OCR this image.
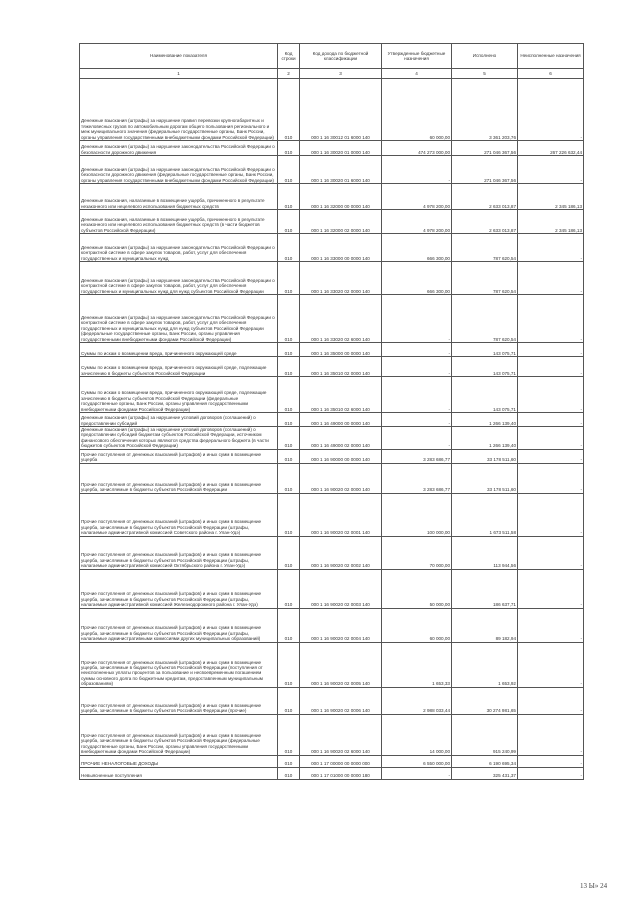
Наименование показателя	Код строки	Код дохода по бюджетной классификации	Утвержденные бюджетные назначения	Исполнено	Неисполненные назначения
1	2	3	4	5	6
Денежные взыскания (штрафы) за нарушение правил перевозки крупногабаритных и тяжеловесных грузов по автомобильным дорогам общего пользования регионального и меж муниципального значения (федеральные государственные органы, Банк России, органы управления государственными внебюджетными фондами Российской Федерации)	010	000 1 16 30012 01 6000 140	60 000,00	3 361 203,76	-
Денежные взыскания (штрафы) за нарушение законодательства Российской Федерации о безопасности дорожного движения	010	000 1 16 30020 01 0000 140	474 273 000,00	271 046 367,56	267 226 632,44
Денежные взыскания (штрафы) за нарушение законодательства Российской Федерации о безопасности дорожного движения (федеральные государственные органы, Банк России, органы управления государственными внебюджетными фондами Российской Федерации)	010	000 1 16 30020 01 6000 140	-	271 046 367,56	-
Денежные взыскания, налагаемые в возмещение ущерба, причиненного в результате незаконного или нецелевого использования бюджетных средств	010	000 1 16 32000 00 0000 140	4 978 200,00	2 633 013,87	2 345 186,13
Денежные взыскания, налагаемые в возмещение ущерба, причиненного в результате незаконного или нецелевого использования бюджетных средств (в части бюджетов субъектов Российской Федерации)	010	000 1 16 32000 02 0000 140	4 978 200,00	2 633 013,87	2 345 186,13
Денежные взыскания (штрафы) за нарушение законодательства Российской Федерации о контрактной системе в сфере закупок товаров, работ, услуг для обеспечения государственных и муниципальных нужд	010	000 1 16 33000 00 0000 140	666 300,00	787 620,54	-
Денежные взыскания (штрафы) за нарушение законодательства Российской Федерации о контрактной системе в сфере закупок товаров, работ, услуг для обеспечения государственных и муниципальных нужд для нужд субъектов Российской Федерации	010	000 1 16 33020 02 0000 140	666 300,00	787 620,54	-
Денежные взыскания (штрафы) за нарушение законодательства Российской Федерации о контрактной системе в сфере закупок товаров, работ, услуг для обеспечения государственных и муниципальных нужд для нужд субъектов Российской Федерации (федеральные государственные органы, Банк России, органы управления государственными внебюджетными фондами Российской Федерации)	010	000 1 16 33020 02 6000 140	-	787 620,54	-
Суммы по искам о возмещении вреда, причиненного окружающей среде	010	000 1 16 35000 00 0000 140	-	143 075,71	-
Суммы по искам о возмещении вреда, причиненного окружающей среде, подлежащие зачислению в бюджеты субъектов Российской Федерации	010	000 1 16 35010 02 0000 140	-	143 075,71	-
Суммы по искам о возмещении вреда, причиненного окружающей среде, подлежащие зачислению в бюджеты субъектов Российской Федерации (федеральные государственные органы, Банк России, органы управления государственными внебюджетными фондами Российской Федерации)	010	000 1 16 35010 02 6000 140	-	143 075,71	-
Денежные взыскания (штрафы) за нарушение условий договоров (соглашений) о предоставлении субсидий	010	000 1 16 49000 00 0000 140	-	1 266 139,40	-
Денежные взыскания (штрафы) за нарушение условий договоров (соглашений) о предоставлении субсидий бюджетам субъектов Российской Федерации, источником финансового обеспечения которых являются средства федерального бюджета (в части бюджетов субъектов Российской Федерации)	010	000 1 16 49000 02 0000 140	-	1 266 139,40	-
Прочие поступления от денежных взысканий (штрафов) и иных сумм в возмещение ущерба	010	000 1 16 90000 00 0000 140	3 283 686,77	33 178 511,60	-
Прочие поступления от денежных взысканий (штрафов) и иных сумм в возмещение ущерба, зачисляемые в бюджеты субъектов Российской Федерации	010	000 1 16 90020 02 0000 140	3 283 686,77	33 178 511,60	-
Прочие поступления от денежных взысканий (штрафов) и иных сумм в возмещение ущерба, зачисляемые в бюджеты субъектов Российской Федерации (штрафы, налагаемые административной комиссией Советского района г. Улан-Удэ)	010	000 1 16 90020 02 0001 140	100 000,00	1 673 511,58	-
Прочие поступления от денежных взысканий (штрафов) и иных сумм в возмещение ущерба, зачисляемые в бюджеты субъектов Российской Федерации (штрафы, налагаемые административной комиссией Октябрьского района г. Улан-Удэ)	010	000 1 16 90020 02 0002 140	70 000,00	113 944,56	-
Прочие поступления от денежных взысканий (штрафов) и иных сумм в возмещение ущерба, зачисляемые в бюджеты субъектов Российской Федерации (штрафы, налагаемые административной комиссией Железнодорожного района г. Улан-Удэ)	010	000 1 16 90020 02 0003 140	50 000,00	186 637,71	-
Прочие поступления от денежных взысканий (штрафов) и иных сумм в возмещение ущерба, зачисляемые в бюджеты субъектов Российской Федерации (штрафы, налагаемые административными комиссиями других муниципальных образований)	010	000 1 16 90020 02 0004 140	60 000,00	89 182,94	-
Прочие поступления от денежных взысканий (штрафов) и иных сумм в возмещение ущерба, зачисляемые в бюджеты субъектов Российской Федерации (поступления от неисполненных уплаты процентов за пользование и несвоевременным погашением суммы основного долга по бюджетным кредитам, предоставленным муниципальным образованиям)	010	000 1 16 90020 02 0005 140	1 653,33	1 653,92	-
Прочие поступления от денежных взысканий (штрафов) и иных сумм в возмещение ущерба, зачисляемые в бюджеты субъектов Российской Федерации (прочие)	010	000 1 16 90020 02 0006 140	2 988 033,44	30 274 981,65	-
Прочие поступления от денежных взысканий (штрафов) и иных сумм в возмещение ущерба, зачисляемые в бюджеты субъектов Российской Федерации (федеральные государственные органы, Банк России, органы управления государственными внебюджетными фондами Российской Федерации)	010	000 1 16 90020 02 6000 140	14 000,00	915 240,99	-
ПРОЧИЕ НЕНАЛОГОВЫЕ ДОХОДЫ	010	000 1 17 00000 00 0000 000	6 550 000,00	6 190 695,34	-
Невыясненные поступления	010	000 1 17 01000 00 0000 180	-	325 431,37	-
13 Ы» 24
